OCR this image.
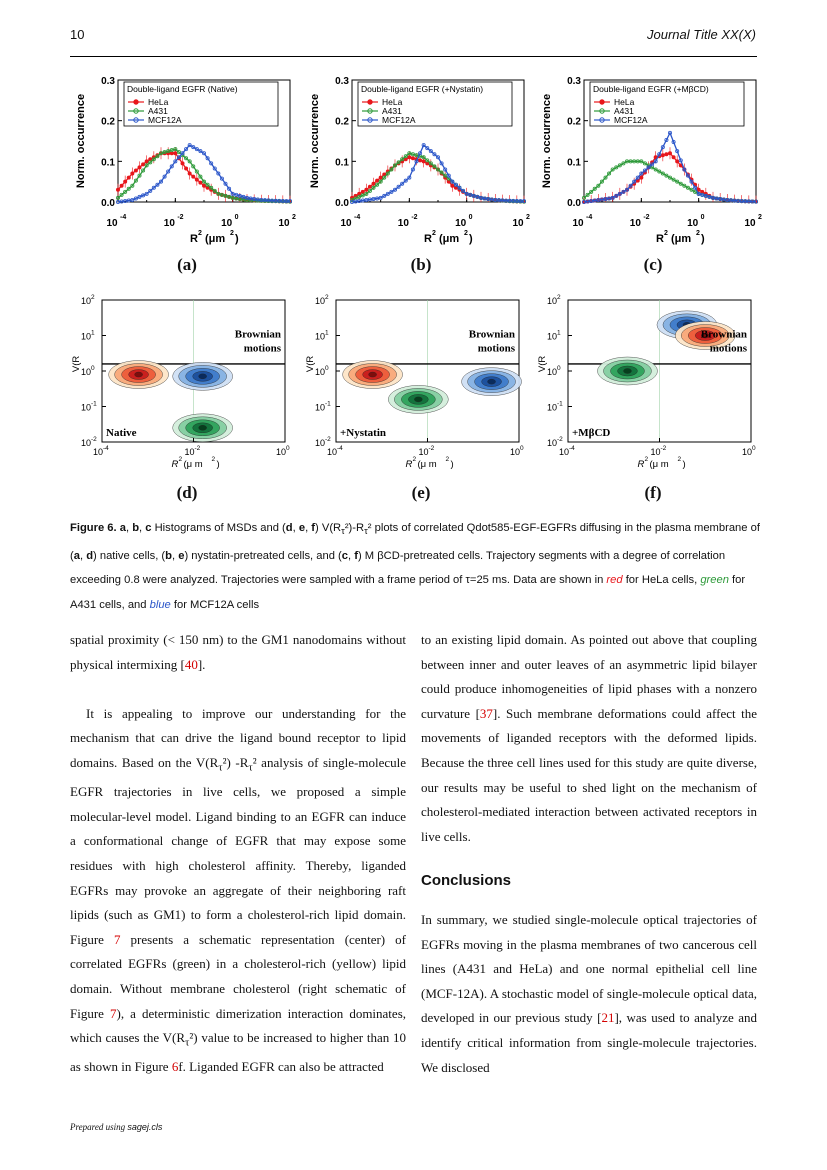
10	Journal Title XX(X)
0.0
0.1
0.2
0.3
10
-4
10
-2
10
0
10
2
Norm. occurrence
R 2 (μm 2 )
Double-ligand EGFR (Native)
HeLa
A431
MCF12A
(a)
0.0
0.1
0.2
0.3
10
-4
10
-2
10
0
10
2
Norm. occurrence
R 2 (μm 2 )
Double-ligand EGFR (+Nystatin)
HeLa
A431
MCF12A
(b)
0.0
0.1
0.2
0.3
10
-4
10
-2
10
0
10
2
Norm. occurrence
R 2 (μm 2 )
Double-ligand EGFR (+MβCD)
HeLa
A431
MCF12A
(c)
Brownian
motions
Native
10 2
10 1
10 0
10 -1
10 -2
10 -4	10 -2	10 0
V(R
R 2 (μ m 2 )
(d)
Brownian
motions
+Nystatin
10 2
10 1
10 0
10 -1
10 -2
10 -4	10 -2	10 0
V(R
R 2 (μ m 2 )
(e)
Brownian
motions
+MβCD
10 2
10 1
10 0
10 -1
10 -2
10 -4	10 -2	10 0
V(R
R 2 (μ m 2 )
(f)
Figure 6. a, b, c Histograms of MSDs and (d, e, f) $V(R_\tau^2)-R_\tau^2$ plots of correlated Qdot585-EGF-EGFRs diffusing in the plasma membrane of (a, d) native cells, (b, e) nystatin-pretreated cells, and (c, f) M βCD-pretreated cells. Trajectory segments with a degree of correlation exceeding 0.8 were analyzed. Trajectories were sampled with a frame period of τ=25 ms. Data are shown in red for HeLa cells, green for A431 cells, and blue for MCF12A cells

spatial proximity (< 150 nm) to the GM1 nanodomains without physical intermixing [40].

It is appealing to improve our understanding for the mechanism that can drive the ligand bound receptor to lipid domains. Based on the $V(R_\tau^2)$ $-R_\tau^2$ analysis of single-molecule EGFR trajectories in live cells, we proposed a simple molecular-level model. Ligand binding to an EGFR can induce a conformational change of EGFR that may expose some residues with high cholesterol affinity. Thereby, liganded EGFRs may provoke an aggregate of their neighboring raft lipids (such as GM1) to form a cholesterol-rich lipid domain. Figure 7 presents a schematic representation (center) of correlated EGFRs (green) in a cholesterol-rich (yellow) lipid domain. Without membrane cholesterol (right schematic of Figure 7), a deterministic dimerization interaction dominates, which causes the $V(R_\tau^2)$ value to be increased to higher than 10 as shown in Figure 6f. Liganded EGFR can also be attracted

to an existing lipid domain. As pointed out above that coupling between inner and outer leaves of an asymmetric lipid bilayer could produce inhomogeneities of lipid phases with a nonzero curvature [37]. Such membrane deformations could affect the movements of liganded receptors with the deformed lipids. Because the three cell lines used for this study are quite diverse, our results may be useful to shed light on the mechanism of cholesterol-mediated interaction between activated receptors in live cells.

Conclusions

In summary, we studied single-molecule optical trajectories of EGFRs moving in the plasma membranes of two cancerous cell lines (A431 and HeLa) and one normal epithelial cell line (MCF-12A). A stochastic model of single-molecule optical data, developed in our previous study [21], was used to analyze and identify critical information from single-molecule trajectories. We disclosed

Prepared using sagej.cls
